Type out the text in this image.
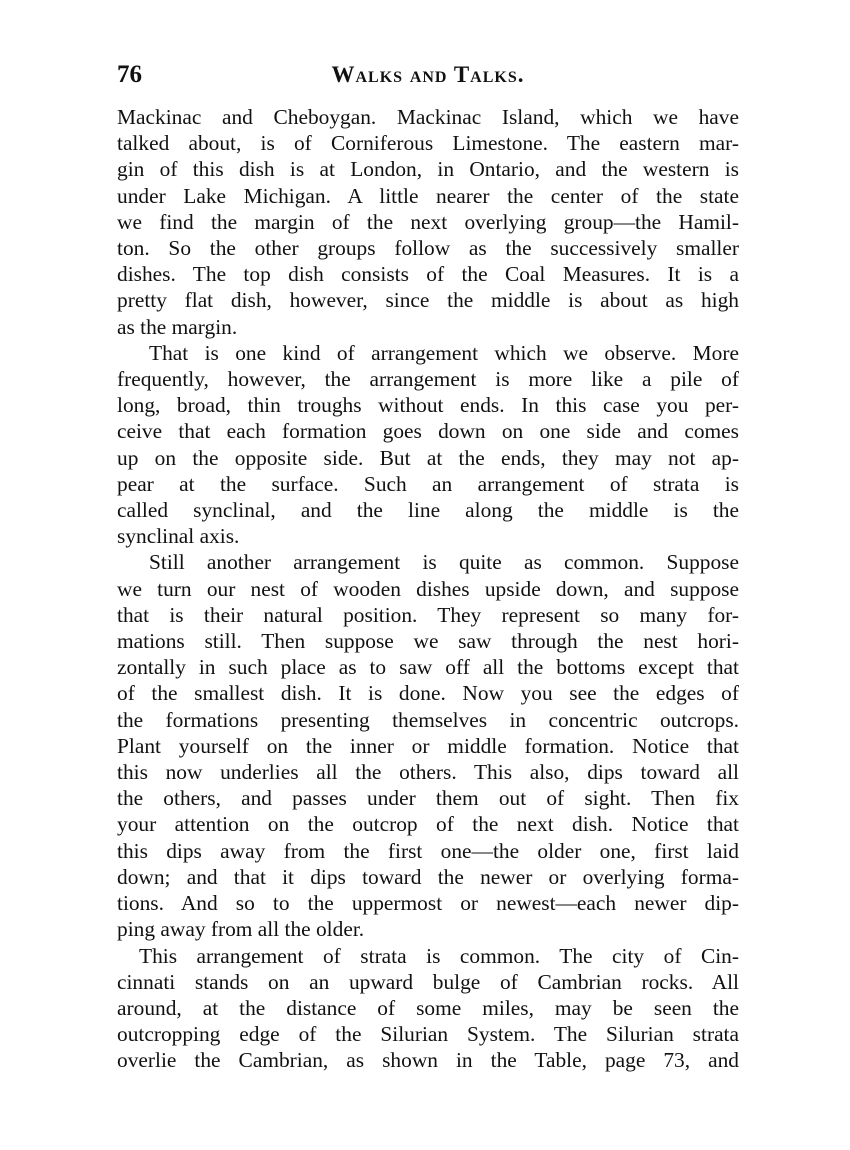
76	Walks and Talks.
Mackinac and Cheboygan. Mackinac Island, which we have
talked about, is of Corniferous Limestone. The eastern mar-
gin of this dish is at London, in Ontario, and the western is
under Lake Michigan. A little nearer the center of the state
we find the margin of the next overlying group—the Hamil-
ton. So the other groups follow as the successively smaller
dishes. The top dish consists of the Coal Measures. It is a
pretty flat dish, however, since the middle is about as high
as the margin.
That is one kind of arrangement which we observe. More
frequently, however, the arrangement is more like a pile of
long, broad, thin troughs without ends. In this case you per-
ceive that each formation goes down on one side and comes
up on the opposite side. But at the ends, they may not ap-
pear at the surface. Such an arrangement of strata is
called synclinal, and the line along the middle is the
synclinal axis.
Still another arrangement is quite as common. Suppose
we turn our nest of wooden dishes upside down, and suppose
that is their natural position. They represent so many for-
mations still. Then suppose we saw through the nest hori-
zontally in such place as to saw off all the bottoms except that
of the smallest dish. It is done. Now you see the edges of
the formations presenting themselves in concentric outcrops.
Plant yourself on the inner or middle formation. Notice that
this now underlies all the others. This also, dips toward all
the others, and passes under them out of sight. Then fix
your attention on the outcrop of the next dish. Notice that
this dips away from the first one—the older one, first laid
down; and that it dips toward the newer or overlying forma-
tions. And so to the uppermost or newest—each newer dip-
ping away from all the older.
This arrangement of strata is common. The city of Cin-
cinnati stands on an upward bulge of Cambrian rocks. All
around, at the distance of some miles, may be seen the
outcropping edge of the Silurian System. The Silurian strata
overlie the Cambrian, as shown in the Table, page 73, and
